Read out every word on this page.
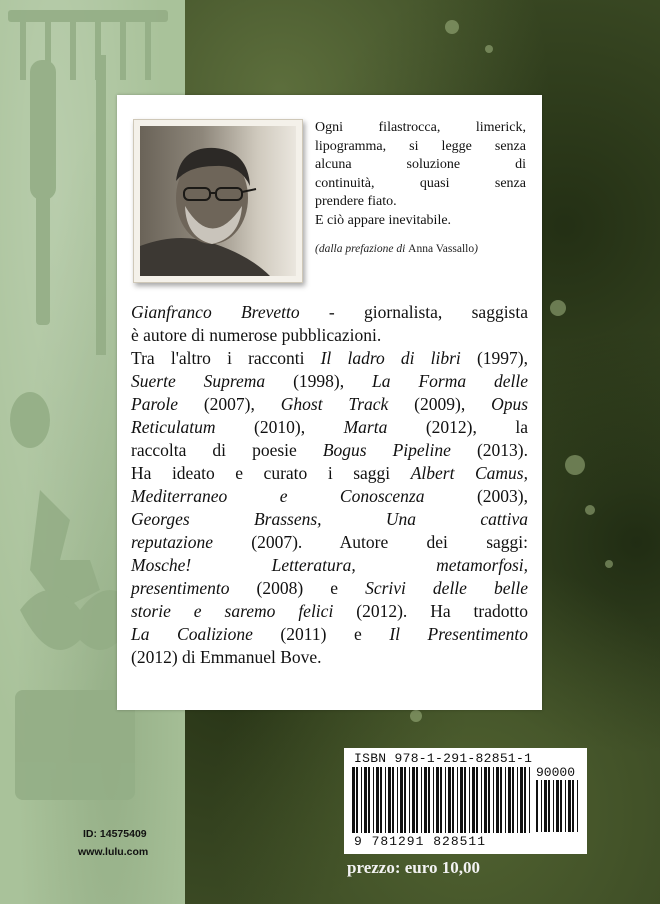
Ogni filastrocca, limerick,
lipogramma, si legge senza
alcuna soluzione di
continuità, quasi senza
prendere fiato.
E ciò appare inevitabile.
(dalla prefazione di Anna Vassallo)
Gianfranco Brevetto - giornalista, saggista
è autore di numerose pubblicazioni.
Tra l'altro i racconti Il ladro di libri (1997),
Suerte Suprema (1998), La Forma delle
Parole (2007), Ghost Track (2009), Opus
Reticulatum (2010), Marta (2012), la
raccolta di poesie Bogus Pipeline (2013).
Ha ideato e curato i saggi Albert Camus,
Mediterraneo e Conoscenza (2003),
Georges Brassens, Una cattiva
reputazione (2007). Autore dei saggi:
Mosche! Letteratura, metamorfosi,
presentimento (2008) e Scrivi delle belle
storie e saremo felici (2012). Ha tradotto
La Coalizione (2011) e Il Presentimento
(2012) di Emmanuel Bove.
ISBN 978-1-291-82851-1
90000
9 781291 828511
prezzo: euro 10,00
ID: 14575409
www.lulu.com
